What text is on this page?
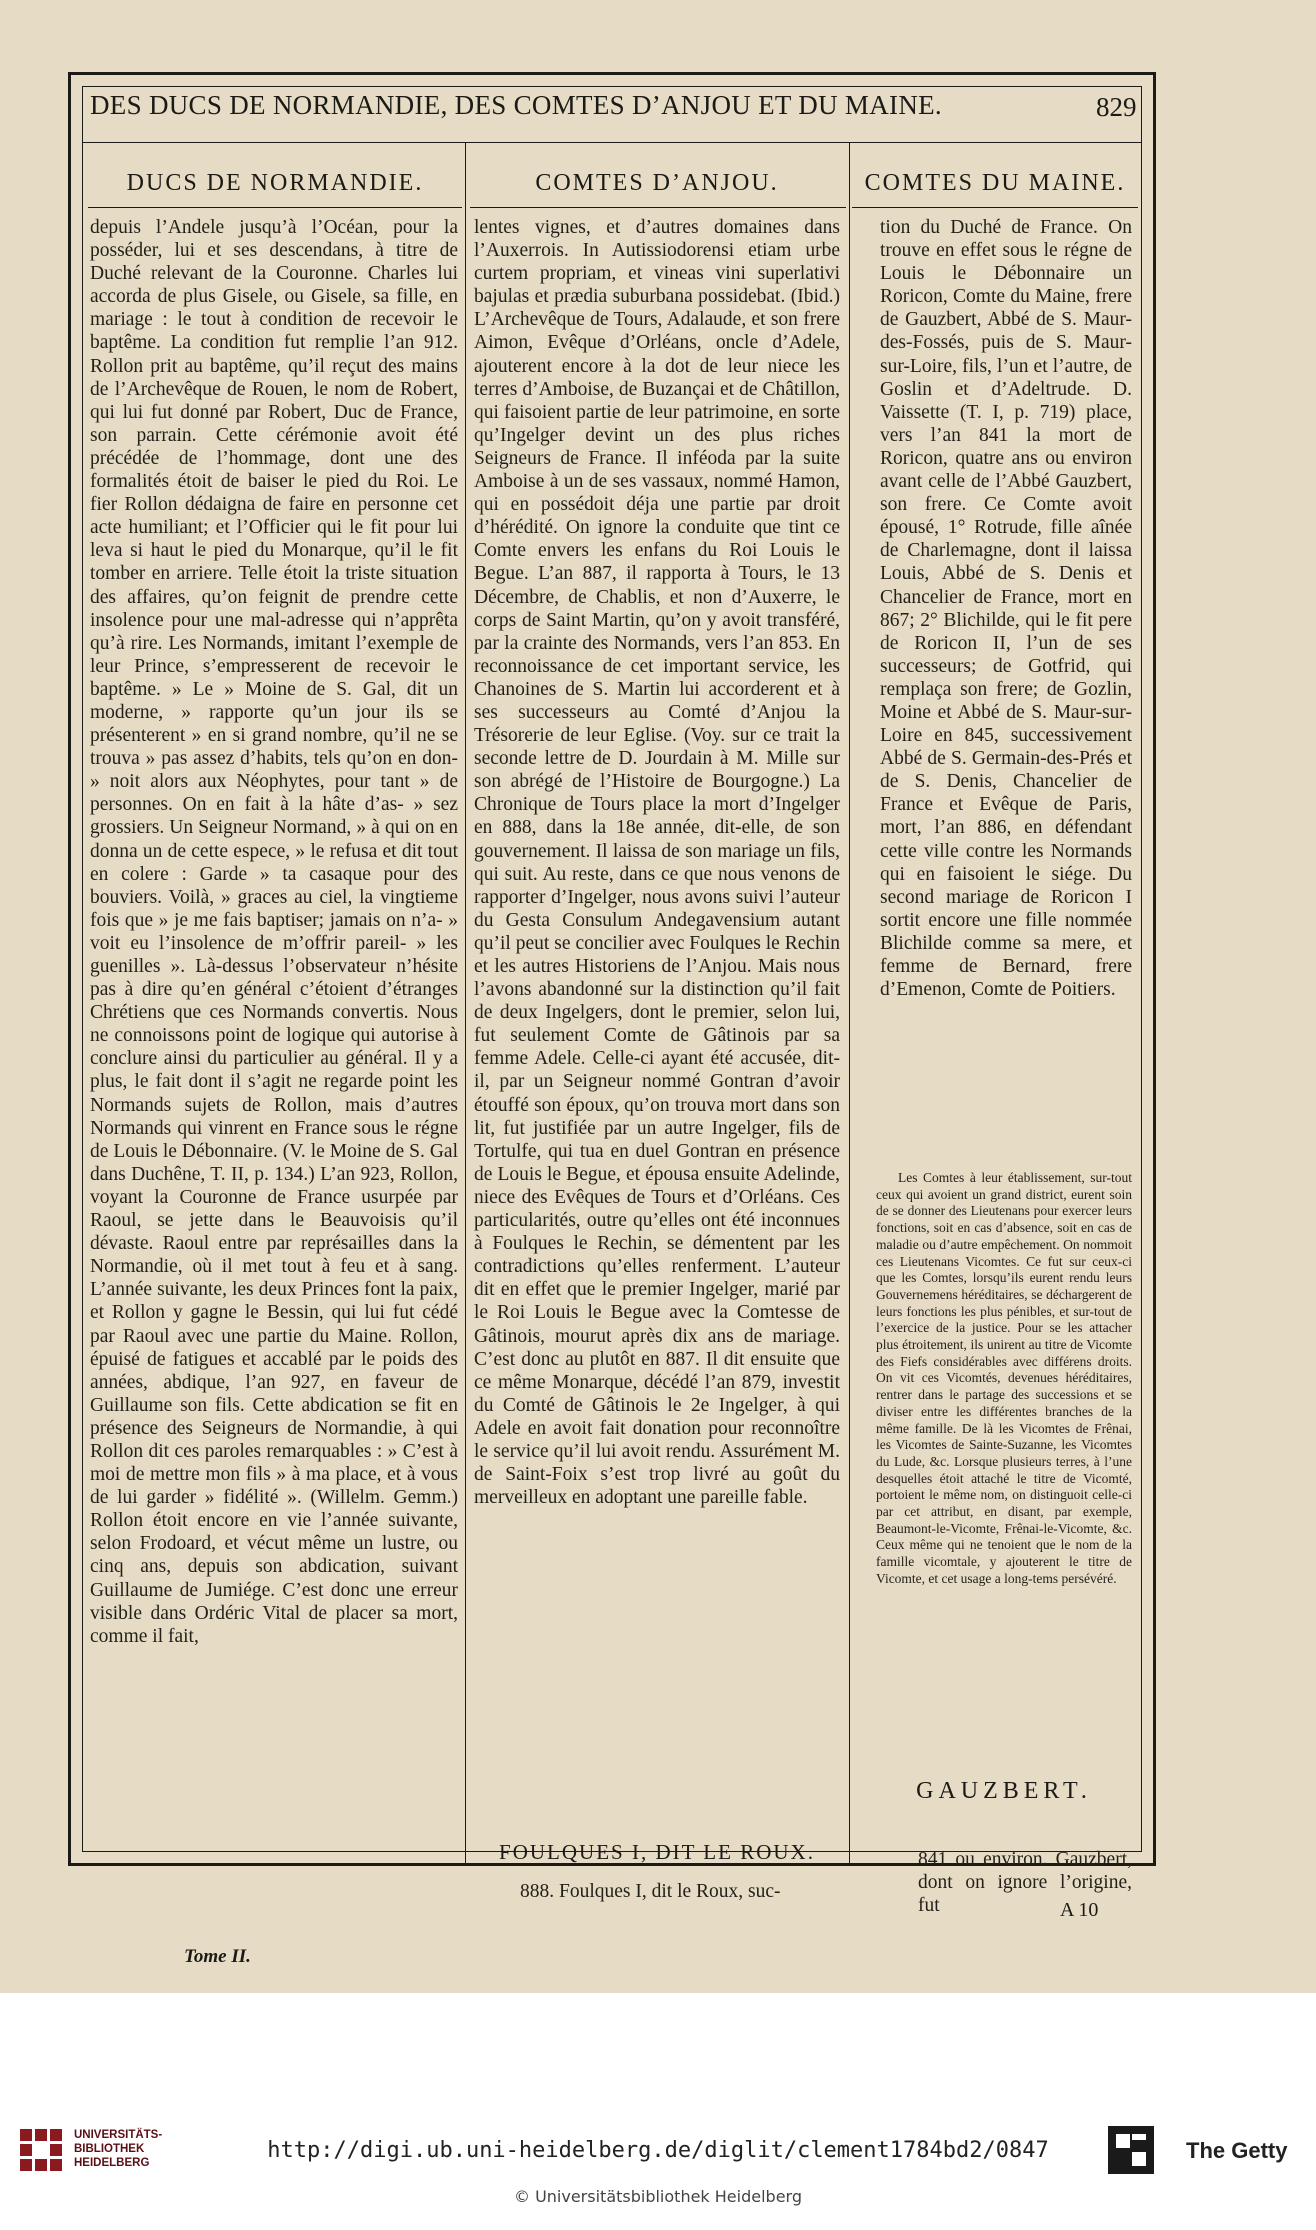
DES DUCS DE NORMANDIE, DES COMTES D’ANJOU ET DU MAINE.	829
DUCS DE NORMANDIE.

depuis l’Andele jusqu’à l’Océan, pour la posséder, lui et ses descendans, à titre de Duché relevant de la Couronne. Charles lui accorda de plus Gisele, ou Gisele, sa fille, en mariage : le tout à condition de recevoir le baptême. La condition fut remplie l’an 912. Rollon prit au baptême, qu’il reçut des mains de l’Archevêque de Rouen, le nom de Robert, qui lui fut donné par Robert, Duc de France, son parrain. Cette cérémonie avoit été précédée de l’hommage, dont une des formalités étoit de baiser le pied du Roi. Le fier Rollon dédaigna de faire en personne cet acte humiliant; et l’Officier qui le fit pour lui leva si haut le pied du Monarque, qu’il le fit tomber en arriere. Telle étoit la triste situation des affaires, qu’on feignit de prendre cette insolence pour une mal-adresse qui n’apprêta qu’à rire. Les Normands, imitant l’exemple de leur Prince, s’empresserent de recevoir le baptême. » Le » Moine de S. Gal, dit un moderne, » rapporte qu’un jour ils se présenterent » en si grand nombre, qu’il ne se trouva » pas assez d’habits, tels qu’on en don- » noit alors aux Néophytes, pour tant » de personnes. On en fait à la hâte d’as- » sez grossiers. Un Seigneur Normand, » à qui on en donna un de cette espece, » le refusa et dit tout en colere : Garde » ta casaque pour des bouviers. Voilà, » graces au ciel, la vingtieme fois que » je me fais baptiser; jamais on n’a- » voit eu l’insolence de m’offrir pareil- » les guenilles ». Là-dessus l’observateur n’hésite pas à dire qu’en général c’étoient d’étranges Chrétiens que ces Normands convertis. Nous ne connoissons point de logique qui autorise à conclure ainsi du particulier au général. Il y a plus, le fait dont il s’agit ne regarde point les Normands sujets de Rollon, mais d’autres Normands qui vinrent en France sous le régne de Louis le Débonnaire. (V. le Moine de S. Gal dans Duchêne, T. II, p. 134.) L’an 923, Rollon, voyant la Couronne de France usurpée par Raoul, se jette dans le Beauvoisis qu’il dévaste. Raoul entre par représailles dans la Normandie, où il met tout à feu et à sang. L’année suivante, les deux Princes font la paix, et Rollon y gagne le Bessin, qui lui fut cédé par Raoul avec une partie du Maine. Rollon, épuisé de fatigues et accablé par le poids des années, abdique, l’an 927, en faveur de Guillaume son fils. Cette abdication se fit en présence des Seigneurs de Normandie, à qui Rollon dit ces paroles remarquables : » C’est à moi de mettre mon fils » à ma place, et à vous de lui garder » fidélité ». (Willelm. Gemm.) Rollon étoit encore en vie l’année suivante, selon Frodoard, et vécut même un lustre, ou cinq ans, depuis son abdication, suivant Guillaume de Jumiége. C’est donc une erreur visible dans Ordéric Vital de placer sa mort, comme il fait,

COMTES D’ANJOU.

lentes vignes, et d’autres domaines dans l’Auxerrois. In Autissiodorensi etiam urbe curtem propriam, et vineas vini superlativi bajulas et prædia suburbana possidebat. (Ibid.) L’Archevêque de Tours, Adalaude, et son frere Aimon, Evêque d’Orléans, oncle d’Adele, ajouterent encore à la dot de leur niece les terres d’Amboise, de Buzançai et de Châtillon, qui faisoient partie de leur patrimoine, en sorte qu’Ingelger devint un des plus riches Seigneurs de France. Il inféoda par la suite Amboise à un de ses vassaux, nommé Hamon, qui en possédoit déja une partie par droit d’hérédité. On ignore la conduite que tint ce Comte envers les enfans du Roi Louis le Begue. L’an 887, il rapporta à Tours, le 13 Décembre, de Chablis, et non d’Auxerre, le corps de Saint Martin, qu’on y avoit transféré, par la crainte des Normands, vers l’an 853. En reconnoissance de cet important service, les Chanoines de S. Martin lui accorderent et à ses successeurs au Comté d’Anjou la Trésorerie de leur Eglise. (Voy. sur ce trait la seconde lettre de D. Jourdain à M. Mille sur son abrégé de l’Histoire de Bourgogne.) La Chronique de Tours place la mort d’Ingelger en 888, dans la 18e année, dit-elle, de son gouvernement. Il laissa de son mariage un fils, qui suit. Au reste, dans ce que nous venons de rapporter d’Ingelger, nous avons suivi l’auteur du Gesta Consulum Andegavensium autant qu’il peut se concilier avec Foulques le Rechin et les autres Historiens de l’Anjou. Mais nous l’avons abandonné sur la distinction qu’il fait de deux Ingelgers, dont le premier, selon lui, fut seulement Comte de Gâtinois par sa femme Adele. Celle-ci ayant été accusée, dit-il, par un Seigneur nommé Gontran d’avoir étouffé son époux, qu’on trouva mort dans son lit, fut justifiée par un autre Ingelger, fils de Tortulfe, qui tua en duel Gontran en présence de Louis le Begue, et épousa ensuite Adelinde, niece des Evêques de Tours et d’Orléans. Ces particularités, outre qu’elles ont été inconnues à Foulques le Rechin, se démentent par les contradictions qu’elles renferment. L’auteur dit en effet que le premier Ingelger, marié par le Roi Louis le Begue avec la Comtesse de Gâtinois, mourut après dix ans de mariage. C’est donc au plutôt en 887. Il dit ensuite que ce même Monarque, décédé l’an 879, investit du Comté de Gâtinois le 2e Ingelger, à qui Adele en avoit fait donation pour reconnoître le service qu’il lui avoit rendu. Assurément M. de Saint-Foix s’est trop livré au goût du merveilleux en adoptant une pareille fable.

FOULQUES I, DIT LE ROUX.
888. Foulques I, dit le Roux, suc-
COMTES DU MAINE.

tion du Duché de France. On trouve en effet sous le régne de Louis le Débonnaire un Roricon, Comte du Maine, frere de Gauzbert, Abbé de S. Maur-des-Fossés, puis de S. Maur-sur-Loire, fils, l’un et l’autre, de Goslin et d’Adeltrude. D. Vaissette (T. I, p. 719) place, vers l’an 841 la mort de Roricon, quatre ans ou environ avant celle de l’Abbé Gauzbert, son frere. Ce Comte avoit épousé, 1° Rotrude, fille aînée de Charlemagne, dont il laissa Louis, Abbé de S. Denis et Chancelier de France, mort en 867; 2° Blichilde, qui le fit pere de Roricon II, l’un de ses successeurs; de Gotfrid, qui remplaça son frere; de Gozlin, Moine et Abbé de S. Maur-sur-Loire en 845, successivement Abbé de S. Germain-des-Prés et de S. Denis, Chancelier de France et Evêque de Paris, mort, l’an 886, en défendant cette ville contre les Normands qui en faisoient le siége. Du second mariage de Roricon I sortit encore une fille nommée Blichilde comme sa mere, et femme de Bernard, frere d’Emenon, Comte de Poitiers.

Les Comtes à leur établissement, sur-tout ceux qui avoient un grand district, eurent soin de se donner des Lieutenans pour exercer leurs fonctions, soit en cas d’absence, soit en cas de maladie ou d’autre empêchement. On nommoit ces Lieutenans Vicomtes. Ce fut sur ceux-ci que les Comtes, lorsqu’ils eurent rendu leurs Gouvernemens héréditaires, se déchargerent de leurs fonctions les plus pénibles, et sur-tout de l’exercice de la justice. Pour se les attacher plus étroitement, ils unirent au titre de Vicomte des Fiefs considérables avec différens droits. On vit ces Vicomtés, devenues héréditaires, rentrer dans le partage des successions et se diviser entre les différentes branches de la même famille. De là les Vicomtes de Frênai, les Vicomtes de Sainte-Suzanne, les Vicomtes du Lude, &c. Lorsque plusieurs terres, à l’une desquelles étoit attaché le titre de Vicomté, portoient le même nom, on distinguoit celle-ci par cet attribut, en disant, par exemple, Beaumont-le-Vicomte, Frênai-le-Vicomte, &c. Ceux même qui ne tenoient que le nom de la famille vicomtale, y ajouterent le titre de Vicomte, et cet usage a long-tems persévéré.

GAUZBERT.
841 ou environ. Gauzbert, dont on ignore l’origine, fut	A 10
Tome II.
UNIVERSITÄTS- BIBLIOTHEK HEIDELBERG	http://digi.ub.uni-heidelberg.de/diglit/clement1784bd2/0847
© Universitätsbibliothek Heidelberg
The Getty
